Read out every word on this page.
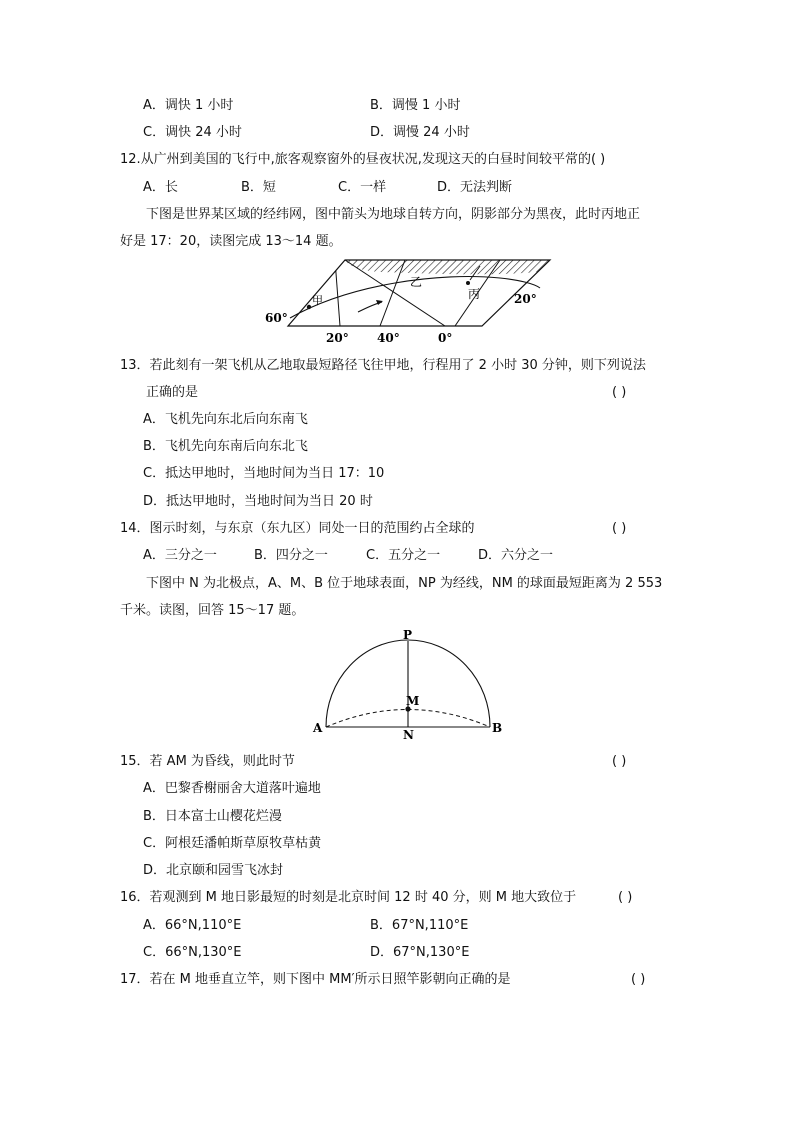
A．调快 1 小时	B．调慢 1 小时
C．调快 24 小时	D．调慢 24 小时
12.从广州到美国的飞行中,旅客观察窗外的昼夜状况,发现这天的白昼时间较平常的( )
A．长	B．短	C．一样	D．无法判断
下图是世界某区域的经纬网，图中箭头为地球自转方向，阴影部分为黑夜，此时丙地正
好是 17：20，读图完成 13～14 题。
甲
乙
丙
60°
20°
20° 40°	0°
13．若此刻有一架飞机从乙地取最短路径飞往甲地，行程用了 2 小时 30 分钟，则下列说法
正确的是	( )
A．飞机先向东北后向东南飞
B．飞机先向东南后向东北飞
C．抵达甲地时，当地时间为当日 17：10
D．抵达甲地时，当地时间为当日 20 时
14．图示时刻，与东京（东九区）同处一日的范围约占全球的	( )
A．三分之一	B．四分之一	C．五分之一	D．六分之一
下图中 N 为北极点，A、M、B 位于地球表面，NP 为经线，NM 的球面最短距离为 2 553
千米。读图，回答 15～17 题。
P
M
A	N	B
15．若 AM 为昏线，则此时节	( )
A．巴黎香榭丽舍大道落叶遍地
B．日本富士山樱花烂漫
C．阿根廷潘帕斯草原牧草枯黄
D．北京颐和园雪飞冰封
16．若观测到 M 地日影最短的时刻是北京时间 12 时 40 分，则 M 地大致位于	( )
A．66°N,110°E	B．67°N,110°E
C．66°N,130°E	D．67°N,130°E
17．若在 M 地垂直立竿，则下图中 MM′所示日照竿影朝向正确的是	( )
